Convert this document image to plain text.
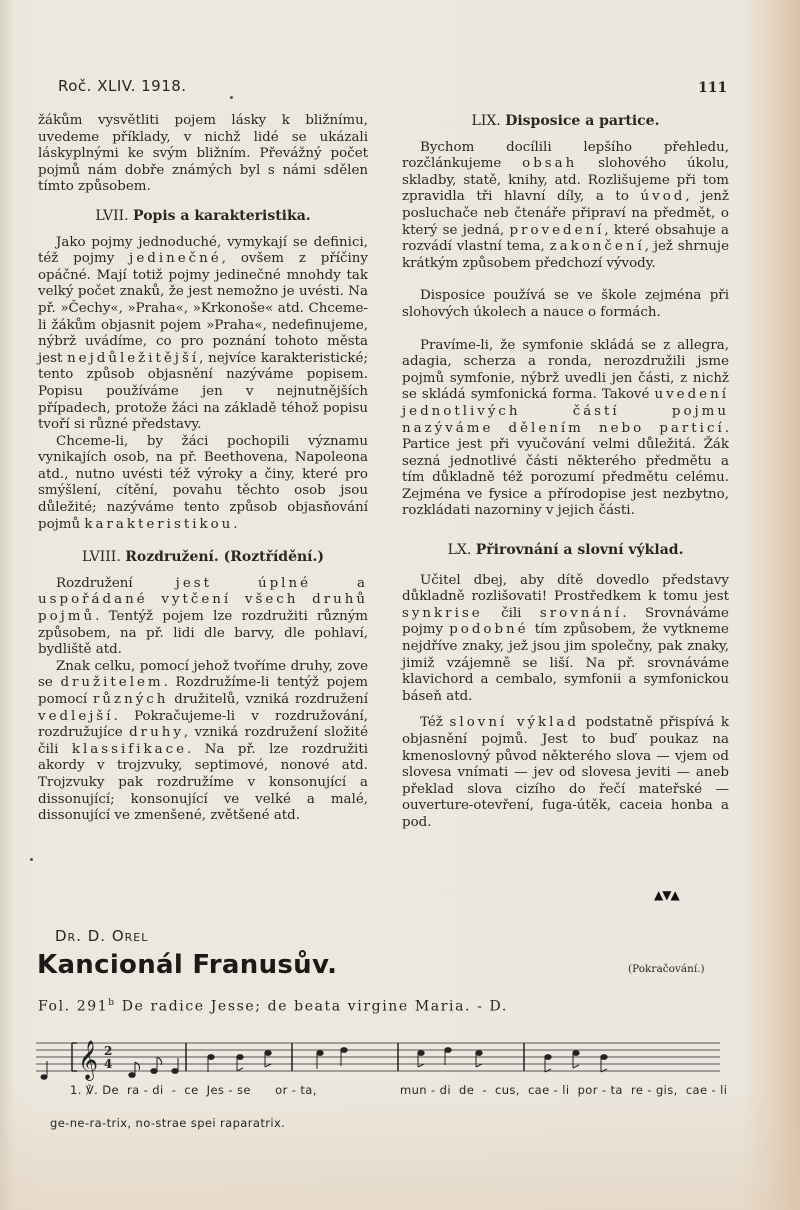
Roč. XLIV. 1918.	111

žákům vysvětliti pojem lásky k bližnímu, uvedeme příklady, v nichž lidé se ukázali láskyplnými ke svým bližním. Převážný počet pojmů nám dobře známých byl s námi sdělen tímto způsobem.

LVII. Popis a karakteristika.

Jako pojmy jednoduché, vymykají se definici, též pojmy jedinečné, ovšem z příčiny opáčné. Mají totiž pojmy jedinečné mnohdy tak velký počet znaků, že jest nemožno je uvésti. Na př. »Čechy«, »Praha«, »Krkonoše« atd. Chceme-li žákům objasnit pojem »Praha«, nedefinujeme, nýbrž uvádíme, co pro poznání tohoto města jest nejdůležitější, nejvíce karakteristické; tento způsob objasnění nazýváme popisem. Popisu používáme jen v nejnutnějších případech, protože žáci na základě téhož popisu tvoří si různé představy.

Chceme-li, by žáci pochopili významu vynikajích osob, na př. Beethovena, Napoleona atd., nutno uvésti též výroky a činy, které pro smýšlení, cítění, povahu těchto osob jsou důležité; nazýváme tento způsob objasňování pojmů karakteristikou.

LVIII. Rozdružení. (Roztřídění.)

Rozdružení jest úplné a uspořádané vytčení všech druhů pojmů. Tentýž pojem lze rozdružiti různým způsobem, na př. lidi dle barvy, dle pohlaví, bydliště atd.

Znak celku, pomocí jehož tvoříme druhy, zove se družitelem. Rozdružíme-li tentýž pojem pomocí různých družitelů, vzniká rozdružení vedlejší. Pokračujeme-li v rozdružování, rozdružujíce druhy, vzniká rozdružení složité čili klassifikace. Na př. lze rozdružiti akordy v trojzvuky, septimové, nonové atd. Trojzvuky pak rozdružíme v konsonující a dissonující; konsonující ve velké a malé, dissonující ve zmenšené, zvětšené atd.

LIX. Disposice a partice.

Bychom docílili lepšího přehledu, rozčlánkujeme obsah slohového úkolu, skladby, statě, knihy, atd. Rozlišujeme při tom zpravidla tři hlavní díly, a to úvod, jenž posluchače neb čtenáře připraví na předmět, o který se jedná, provedení, které obsahuje a rozvádí vlastní tema, zakončení, jež shrnuje krátkým způsobem předchozí vývody.

Disposice používá se ve škole zejména při slohových úkolech a nauce o formách.

Pravíme-li, že symfonie skládá se z allegra, adagia, scherza a ronda, nerozdružili jsme pojmů symfonie, nýbrž uvedli jen části, z nichž se skládá symfonická forma. Takové uvedení jednotlivých částí pojmu nazýváme dělením nebo particí. Partice jest při vyučování velmi důležitá. Žák sezná jednotlivé části některého předmětu a tím důkladně též porozumí předmětu celému. Zejména ve fysice a přírodopise jest nezbytno, rozkládati nazorniny v jejich části.

LX. Přirovnání a slovní výklad.

Učitel dbej, aby dítě dovedlo představy důkladně rozlišovati! Prostředkem k tomu jest synkrise čili srovnání. Srovnáváme pojmy podobné tím způsobem, že vytkneme nejdříve znaky, jež jsou jim společny, pak znaky, jimiž vzájemně se liší. Na př. srovnáváme klavichord a cembalo, symfonii a symfonickou báseň atd.

Též slovní výklad podstatně přispívá k objasnění pojmů. Jest to buď poukaz na kmenoslovný původ některého slova — vjem od slovesa vnímati — jev od slovesa jeviti — aneb překlad slova cizího do řečí mateřské — ouverture-otevření, fuga-útěk, caceia honba a pod.

▲▼▲
Dr. D. Orel
Kancionál Franusův.	(Pokračování.)
Fol. 291$^b$ De radice Jesse; de beata virgine Maria. - D.
𝄞 2
4
1. ℣. De  ra - di  -  ce  Jes - se      or - ta,	mun - di  de  -  cus,  cae - li  por - ta  re - gis,  cae - li
ge-ne-ra-trix, no-strae spei raparatrix.
